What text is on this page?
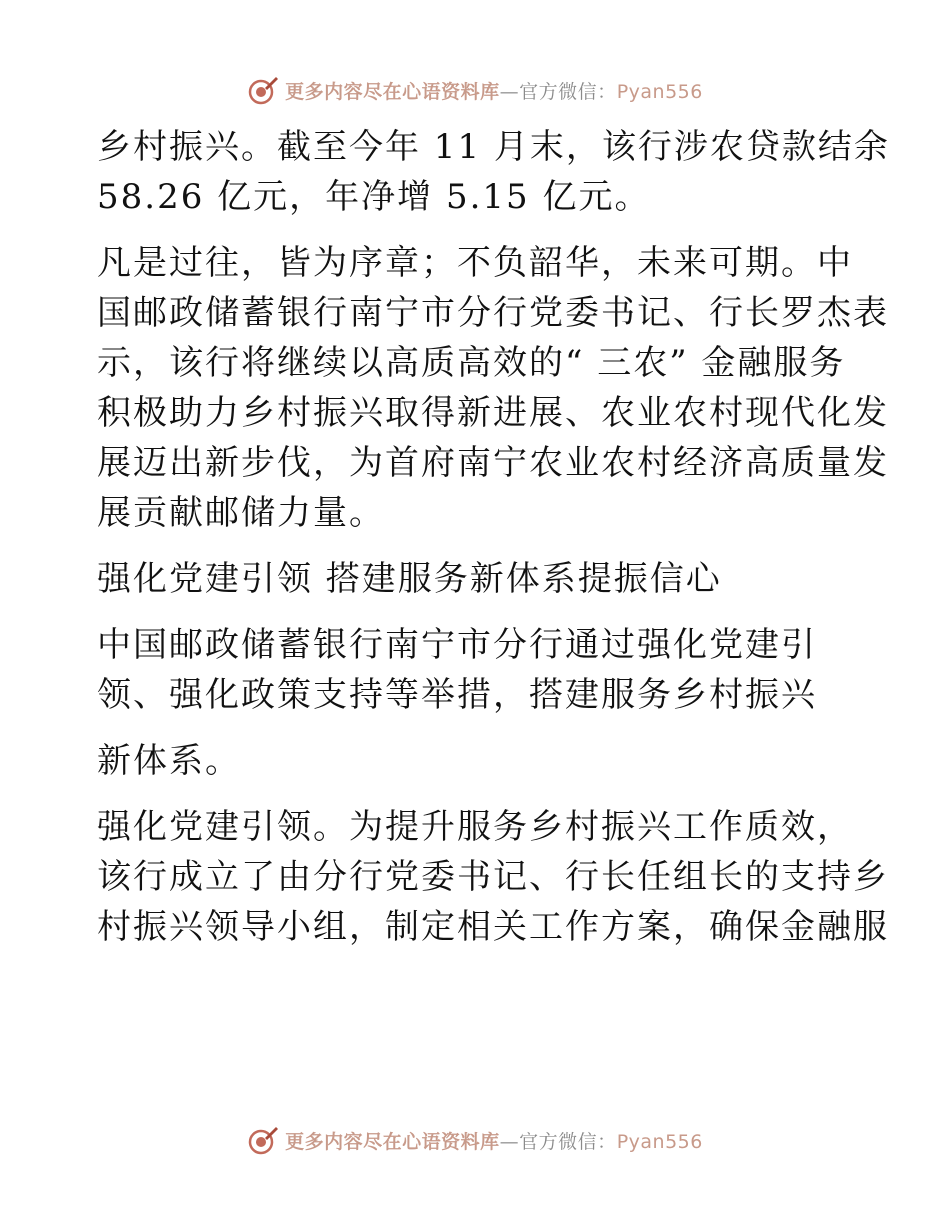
更多内容尽在心语资料库—官方微信：Pyan556

乡村振兴。截至今年 11 月末，该行涉农贷款结余
58.26 亿元，年净增 5.15 亿元。

凡是过往，皆为序章；不负韶华，未来可期。中
国邮政储蓄银行南宁市分行党委书记、行长罗杰表
示，该行将继续以高质高效的“ 三农” 金融服务
积极助力乡村振兴取得新进展、农业农村现代化发
展迈出新步伐，为首府南宁农业农村经济高质量发
展贡献邮储力量。

强化党建引领 搭建服务新体系提振信心

中国邮政储蓄银行南宁市分行通过强化党建引
领、强化政策支持等举措，搭建服务乡村振兴

新体系。

强化党建引领。为提升服务乡村振兴工作质效，
该行成立了由分行党委书记、行长任组长的支持乡
村振兴领导小组，制定相关工作方案，确保金融服

更多内容尽在心语资料库—官方微信：Pyan556
